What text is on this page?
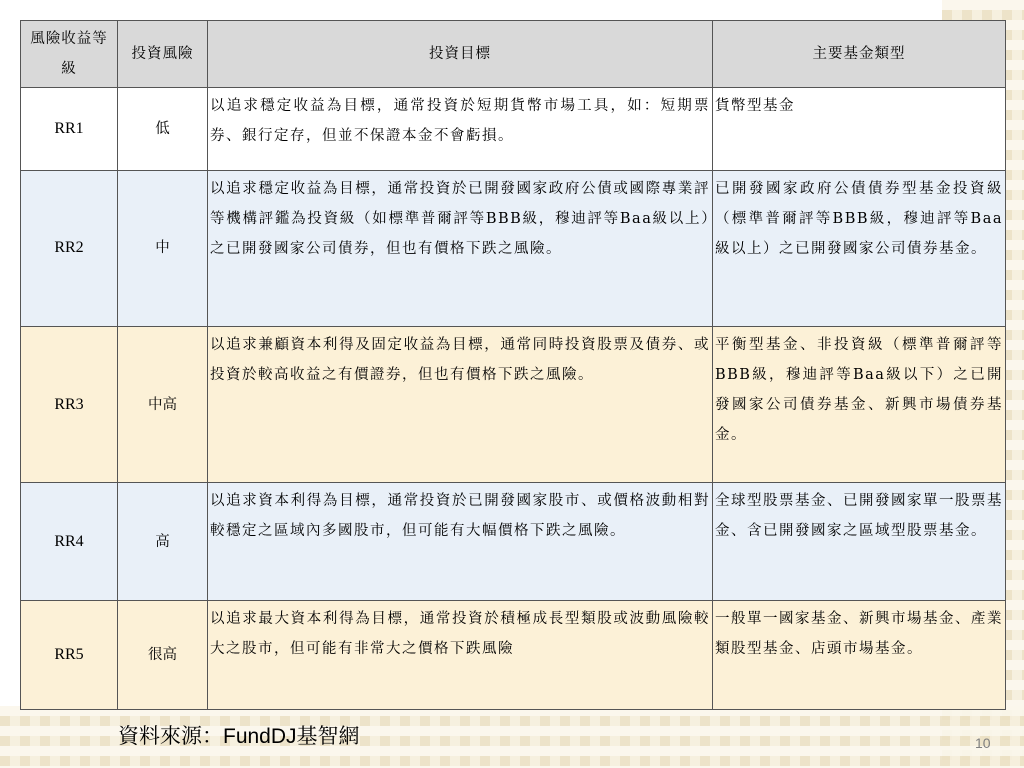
風險收益等級	投資風險	投資目標	主要基金類型
RR1	低	以追求穩定收益為目標，通常投資於短期貨幣市場工具，如：短期票券、銀行定存，但並不保證本金不會虧損。	貨幣型基金
RR2	中	以追求穩定收益為目標，通常投資於已開發國家政府公債或國際專業評等機構評鑑為投資級（如標準普爾評等BBB級，穆迪評等Baa級以上）之已開發國家公司債券，但也有價格下跌之風險。	已開發國家政府公債債券型基金投資級（標準普爾評等BBB級，穆迪評等Baa級以上）之已開發國家公司債券基金。
RR3	中高	以追求兼顧資本利得及固定收益為目標，通常同時投資股票及債券、或投資於較高收益之有價證券，但也有價格下跌之風險。	平衡型基金、非投資級（標準普爾評等BBB級，穆迪評等Baa級以下）之已開發國家公司債券基金、新興市場債券基金。
RR4	高	以追求資本利得為目標，通常投資於已開發國家股市、或價格波動相對較穩定之區域內多國股市，但可能有大幅價格下跌之風險。	全球型股票基金、已開發國家單一股票基金、含已開發國家之區域型股票基金。
RR5	很高	以追求最大資本利得為目標，通常投資於積極成長型類股或波動風險較大之股市，但可能有非常大之價格下跌風險	一般單一國家基金、新興市場基金、產業類股型基金、店頭市場基金。
資料來源：FundDJ基智網	10
